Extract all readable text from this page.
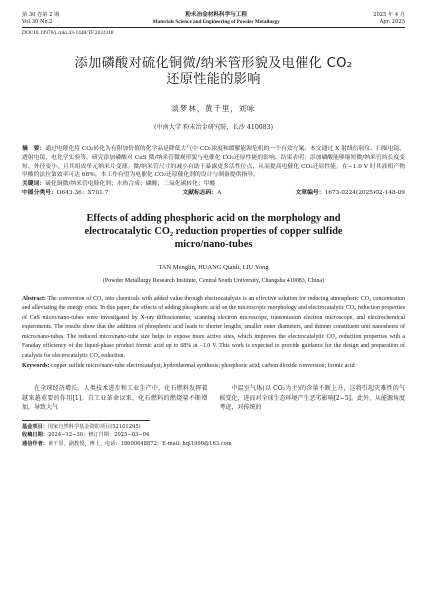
第 30 卷第 2 期
Vol.30 No.2
粉末冶金材料科学与工程
Materials Science and Engineering of Powder Metallurgy
2025 年 4 月
Apr. 2025
DOI:10.19976/j.cnki.43-1448/TF.2024118
添加磷酸对硫化铜微/纳米管形貌及电催化 CO₂
还原性能的影响
谈梦林，黄千里，刘咏
(中南大学 粉末冶金研究院，长沙 410083)
摘　要：通过电催化将 CO₂转化为有附加价值的化学品是降低大气中 CO₂浓度和缓解能源危机的一个有效方案。本文通过 X 射线衍射仪、扫描电镜、透射电镜、电化学实验等，研究添加磷酸对 CuS 微/纳米管微观形貌与电催化 CO₂还原性能的影响。结果表明：添加磷酸能够缩短微/纳米管的长度变短、外径变小，且其组成单元纳米片变薄。微/纳米管尺寸的减小有助于暴露更多活性位点，从而提高电催化 CO₂还原性能，在−1.0 V 时其液相产物甲酸的法拉第效率可达 68%。本工作有望为电催化 CO₂还原催化剂的设计与制备提供指导。
关键词：硫化铜微/纳米管电催化剂；水热合成；磷酸；二氧化碳转化；甲酸
中图分类号：O643.36；X701.7	文献标志码：A	文章编号：1673-0224(2025)02-148-09
Effects of adding phosphoric acid on the morphology and
electrocatalytic CO₂ reduction properties of copper sulfide
micro/nano-tubes
TAN Menglin, HUANG Qianli, LIU Yong
(Powder Metallurgy Research Institute, Central South University, Changsha 410083, China)
Abstract: The conversion of CO₂ into chemicals with added value through electrocatalysis is an effective solution for reducing atmospheric CO₂ concentration and alleviating the energy crisis. In this paper, the effects of adding phosphoric acid on the microscopic morphology and electrocatalytic CO₂ reduction properties of CuS micro/nano-tubes were investigated by X-ray diffractometer, scanning electron microscope, transmission electron microscope, and electrochemical experiments. The results show that the addition of phosphoric acid leads to shorter lengths, smaller outer diameters, and thinner constituent unit nanosheets of micro/nano-tubes. The reduced micro/nano-tube size helps to expose more active sites, which improves the electrocatalytic CO₂ reduction properties with a Faraday efficiency of the liquid-phase product formic acid up to 68% at −1.0 V. This work is expected to provide guidance for the design and preparation of catalysts for electrocatalytic CO₂ reduction.
Keywords: copper sulfide micro/nano-tube electrocatalyst; hydrothermal synthesis; phosphoric acid; carbon dioxide conversion; formic acid
在全球经济增长、人类技术进步和工业生产中，化石燃料发挥着越来越重要的作用[1]。自工业革命以来，化石燃料的燃烧量不断增加，导致大气
中温室气体(以 CO₂为主)的含量不断上升，这将引起灾难性的气候变化，进而对全球生态环境产生恶劣影响[2−5]。此外，从能源角度考虑，对传统的
基金项目：国家自然科学基金资助项目(52101295)
收稿日期：2024−12−30；修订日期：2025−03−04
通信作者：黄千里，副教授，博士。电话：18600648872；E-mail: hql1990@163.com
